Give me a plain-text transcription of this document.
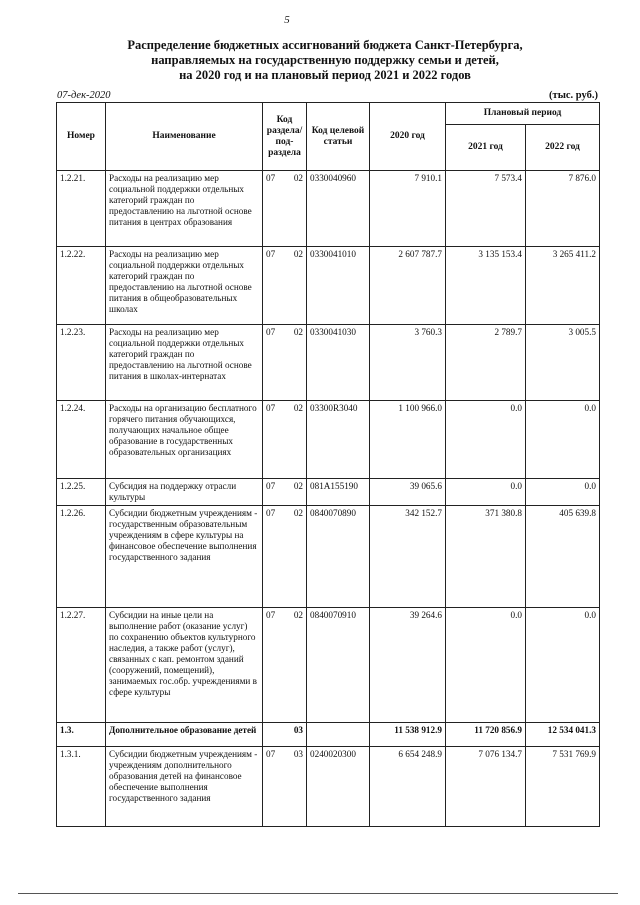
5
Распределение бюджетных ассигнований бюджета Санкт-Петербурга,
направляемых на государственную поддержку семьи и детей,
на 2020 год и на плановый период 2021 и 2022 годов
07-дек-2020	(тыс. руб.)
Номер	Наименование	Код раздела/ под- раздела	Код целевой статьи	2020 год	Плановый период	
					2021 год	2022 год
1.2.21.	Расходы на реализацию мер социальной поддержки отдельных категорий граждан по предоставлению на льготной основе питания в центрах образования	07 02	0330040960	7 910.1	7 573.4	7 876.0
1.2.22.	Расходы на реализацию мер социальной поддержки отдельных категорий граждан по предоставлению на льготной основе питания в общеобразовательных школах	07 02	0330041010	2 607 787.7	3 135 153.4	3 265 411.2
1.2.23.	Расходы на реализацию мер социальной поддержки отдельных категорий граждан по предоставлению на льготной основе питания в школах-интернатах	07 02	0330041030	3 760.3	2 789.7	3 005.5
1.2.24.	Расходы на организацию бесплатного горячего питания обучающихся, получающих начальное общее образование в государственных образовательных организациях	07 02	03300R3040	1 100 966.0	0.0	0.0
1.2.25.	Субсидия на поддержку отрасли культуры	07 02	081A155190	39 065.6	0.0	0.0
1.2.26.	Субсидии бюджетным учреждениям - государственным образовательным учреждениям в сфере культуры на финансовое обеспечение выполнения государственного задания	07 02	0840070890	342 152.7	371 380.8	405 639.8
1.2.27.	Субсидии на иные цели на выполнение работ (оказание услуг) по сохранению объектов культурного наследия, а также работ (услуг), связанных с кап. ремонтом зданий (сооружений, помещений), занимаемых гос.обр. учреждениями в сфере культуры	07 02	0840070910	39 264.6	0.0	0.0
1.3.	Дополнительное образование детей	03		11 538 912.9	11 720 856.9	12 534 041.3
1.3.1.	Субсидии бюджетным учреждениям - учреждениям дополнительного образования детей на финансовое обеспечение выполнения государственного задания	07 03	0240020300	6 654 248.9	7 076 134.7	7 531 769.9
